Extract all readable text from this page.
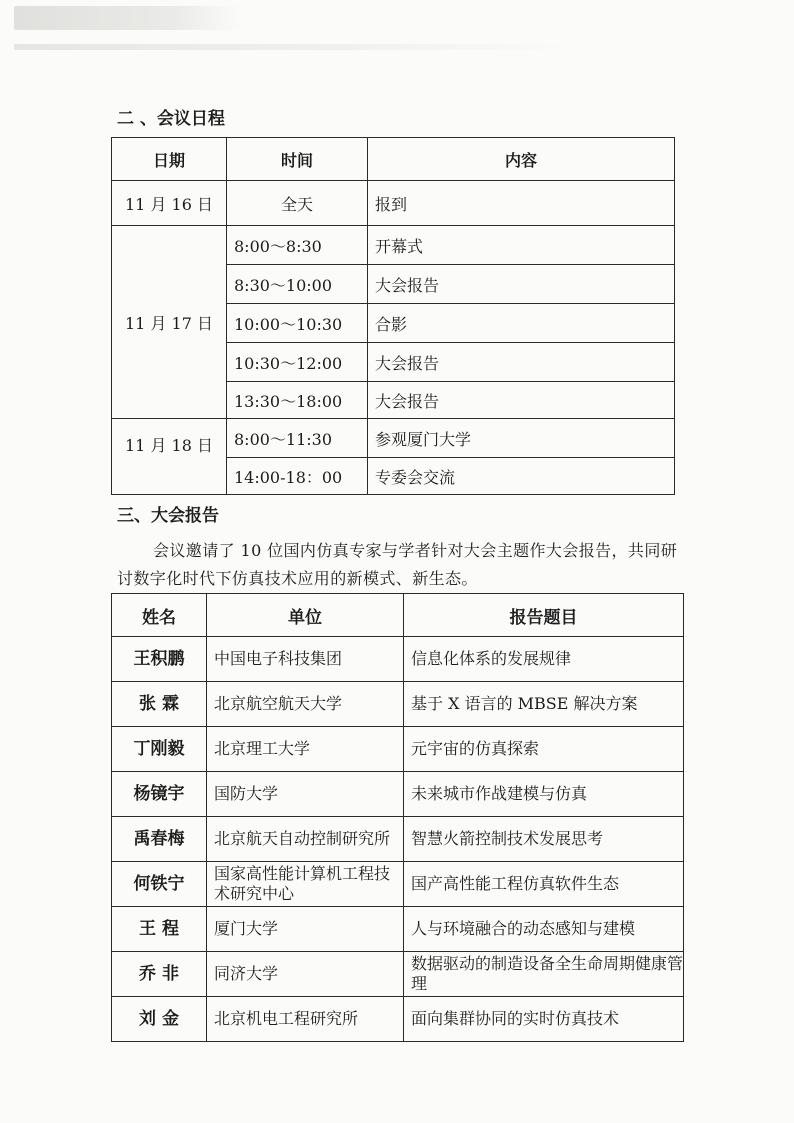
二 、会议日程
日期	时间	内容
11 月 16 日	全天	报到
11 月 17 日	8:00～8:30	开幕式
	8:30～10:00	大会报告
	10:00～10:30	合影
	10:30～12:00	大会报告
	13:30～18:00	大会报告
11 月 18 日	8:00～11:30	参观厦门大学
	14:00-18：00	专委会交流
三、大会报告
会议邀请了 10 位国内仿真专家与学者针对大会主题作大会报告，共同研讨数字化时代下仿真技术应用的新模式、新生态。
姓名	单位	报告题目
王积鹏	中国电子科技集团	信息化体系的发展规律
张 霖	北京航空航天大学	基于 X 语言的 MBSE 解决方案
丁刚毅	北京理工大学	元宇宙的仿真探索
杨镜宇	国防大学	未来城市作战建模与仿真
禹春梅	北京航天自动控制研究所	智慧火箭控制技术发展思考
何铁宁	国家高性能计算机工程技术研究中心	国产高性能工程仿真软件生态
王 程	厦门大学	人与环境融合的动态感知与建模
乔 非	同济大学	数据驱动的制造设备全生命周期健康管理
刘 金	北京机电工程研究所	面向集群协同的实时仿真技术
